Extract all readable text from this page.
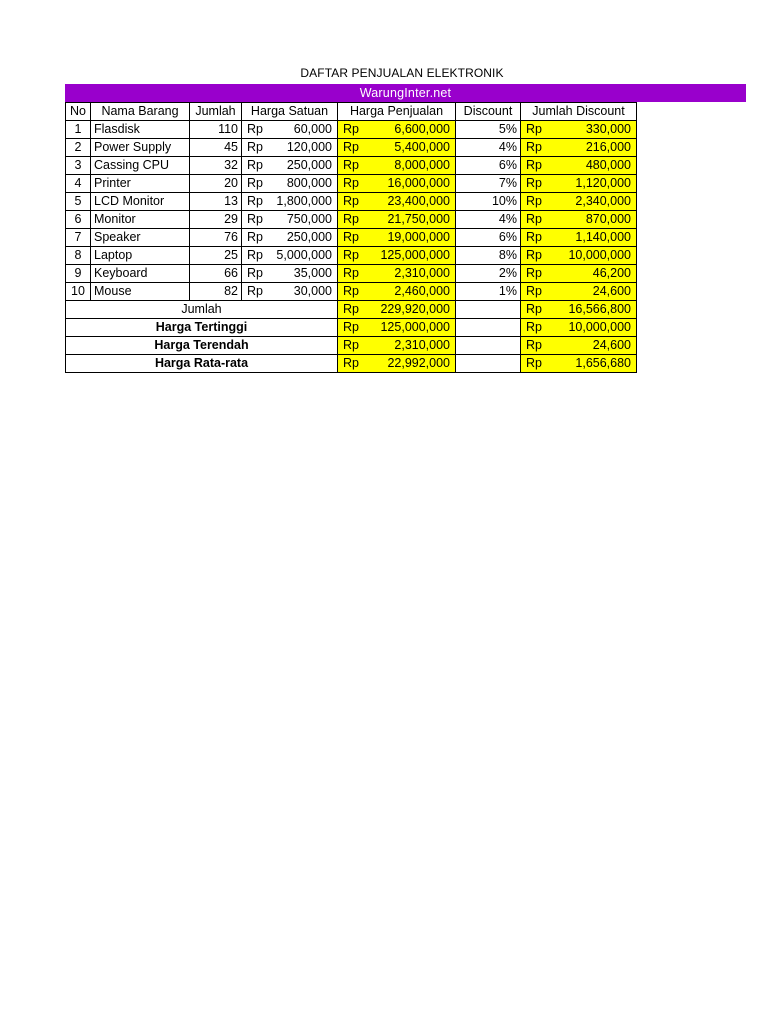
DAFTAR PENJUALAN ELEKTRONIK
WarungInter.net
No	Nama Barang	Jumlah	Harga Satuan	Harga Penjualan	Discount	Jumlah Discount
1	Flasdisk	110	Rp 60,000	Rp 6,600,000	5%	Rp 330,000

2	Power Supply	45	Rp 120,000	Rp 5,400,000	4%	Rp 216,000

3	Cassing CPU	32	Rp 250,000	Rp 8,000,000	6%	Rp 480,000

4	Printer	20	Rp 800,000	Rp 16,000,000	7%	Rp 1,120,000

5	LCD Monitor	13	Rp 1,800,000	Rp 23,400,000	10%	Rp 2,340,000

6	Monitor	29	Rp 750,000	Rp 21,750,000	4%	Rp 870,000

7	Speaker	76	Rp 250,000	Rp 19,000,000	6%	Rp 1,140,000

8	Laptop	25	Rp 5,000,000	Rp 125,000,000	8%	Rp 10,000,000

9	Keyboard	66	Rp 35,000	Rp 2,310,000	2%	Rp 46,200

10	Mouse	82	Rp 30,000	Rp 2,460,000	1%	Rp 24,600

Jumlah				Rp 229,920,000		Rp 16,566,800

Harga Tertinggi				Rp 125,000,000		Rp 10,000,000

Harga Terendah				Rp 2,310,000		Rp 24,600

Harga Rata-rata				Rp 22,992,000		Rp 1,656,680
